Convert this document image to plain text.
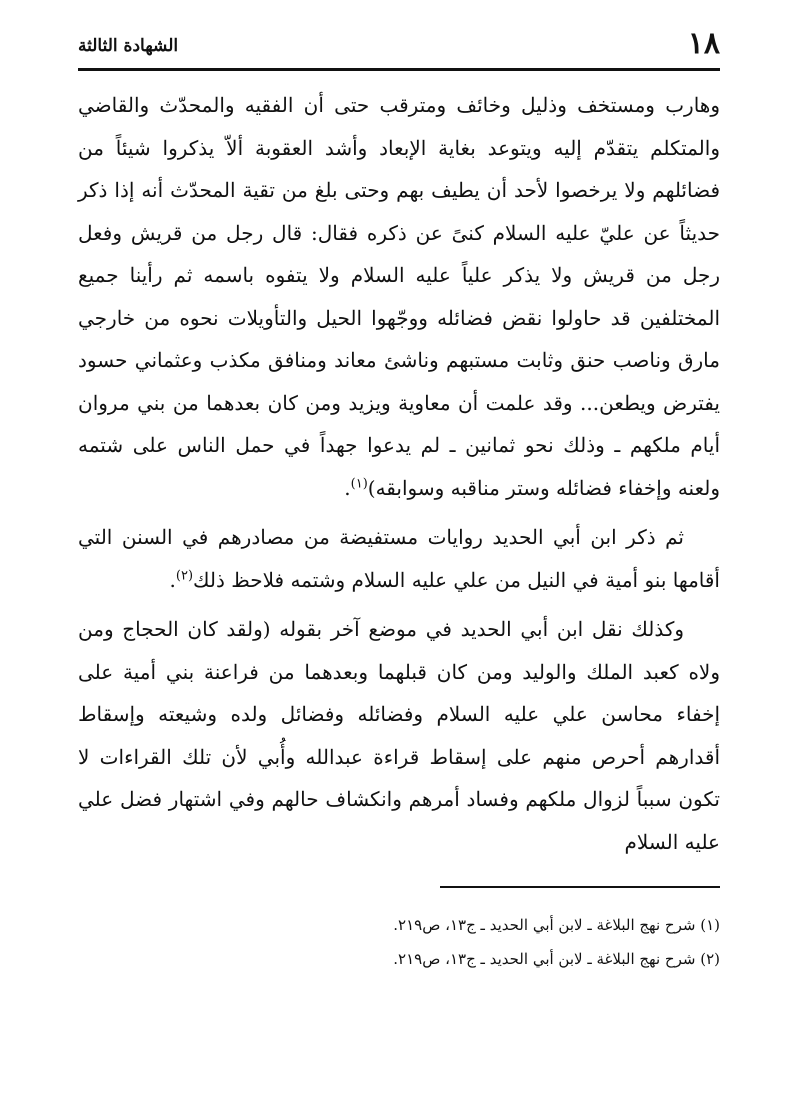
١٨
الشهادة الثالثة

وهارب ومستخف وذليل وخائف ومترقب حتى أن الفقيه والمحدّث والقاضي والمتكلم يتقدّم إليه ويتوعد بغاية الإبعاد وأشد العقوبة ألاّ يذكروا شيئاً من فضائلهم ولا يرخصوا لأحد أن يطيف بهم وحتى بلغ من تقية المحدّث أنه إذا ذكر حديثاً عن عليّ عليه السلام كنىً عن ذكره فقال: قال رجل من قريش وفعل رجل من قريش ولا يذكر علياً عليه السلام ولا يتفوه باسمه ثم رأينا جميع المختلفين قد حاولوا نقض فضائله ووجّهوا الحيل والتأويلات نحوه من خارجي مارق وناصب حنق وثابت مستبهم وناشئ معاند ومنافق مكذب وعثماني حسود يفترض ويطعن... وقد علمت أن معاوية ويزيد ومن كان بعدهما من بني مروان أيام ملكهم ـ وذلك نحو ثمانين ـ لم يدعوا جهداً في حمل الناس على شتمه ولعنه وإخفاء فضائله وستر مناقبه وسوابقه)$^{(١)}$.

ثم ذكر ابن أبي الحديد روايات مستفيضة من مصادرهم في السنن التي أقامها بنو أمية في النيل من علي عليه السلام وشتمه فلاحظ ذلك$^{(٢)}$.

وكذلك نقل ابن أبي الحديد في موضع آخر بقوله (ولقد كان الحجاج ومن ولاه كعبد الملك والوليد ومن كان قبلهما وبعدهما من فراعنة بني أمية على إخفاء محاسن علي عليه السلام وفضائله وفضائل ولده وشيعته وإسقاط أقدارهم أحرص منهم على إسقاط قراءة عبدالله وأُبي لأن تلك القراءات لا تكون سبباً لزوال ملكهم وفساد أمرهم وانكشاف حالهم وفي اشتهار فضل علي عليه السلام

(١) شرح نهج البلاغة ـ لابن أبي الحديد ـ ج١٣، ص٢١٩.
(٢) شرح نهج البلاغة ـ لابن أبي الحديد ـ ج١٣، ص٢١٩.
